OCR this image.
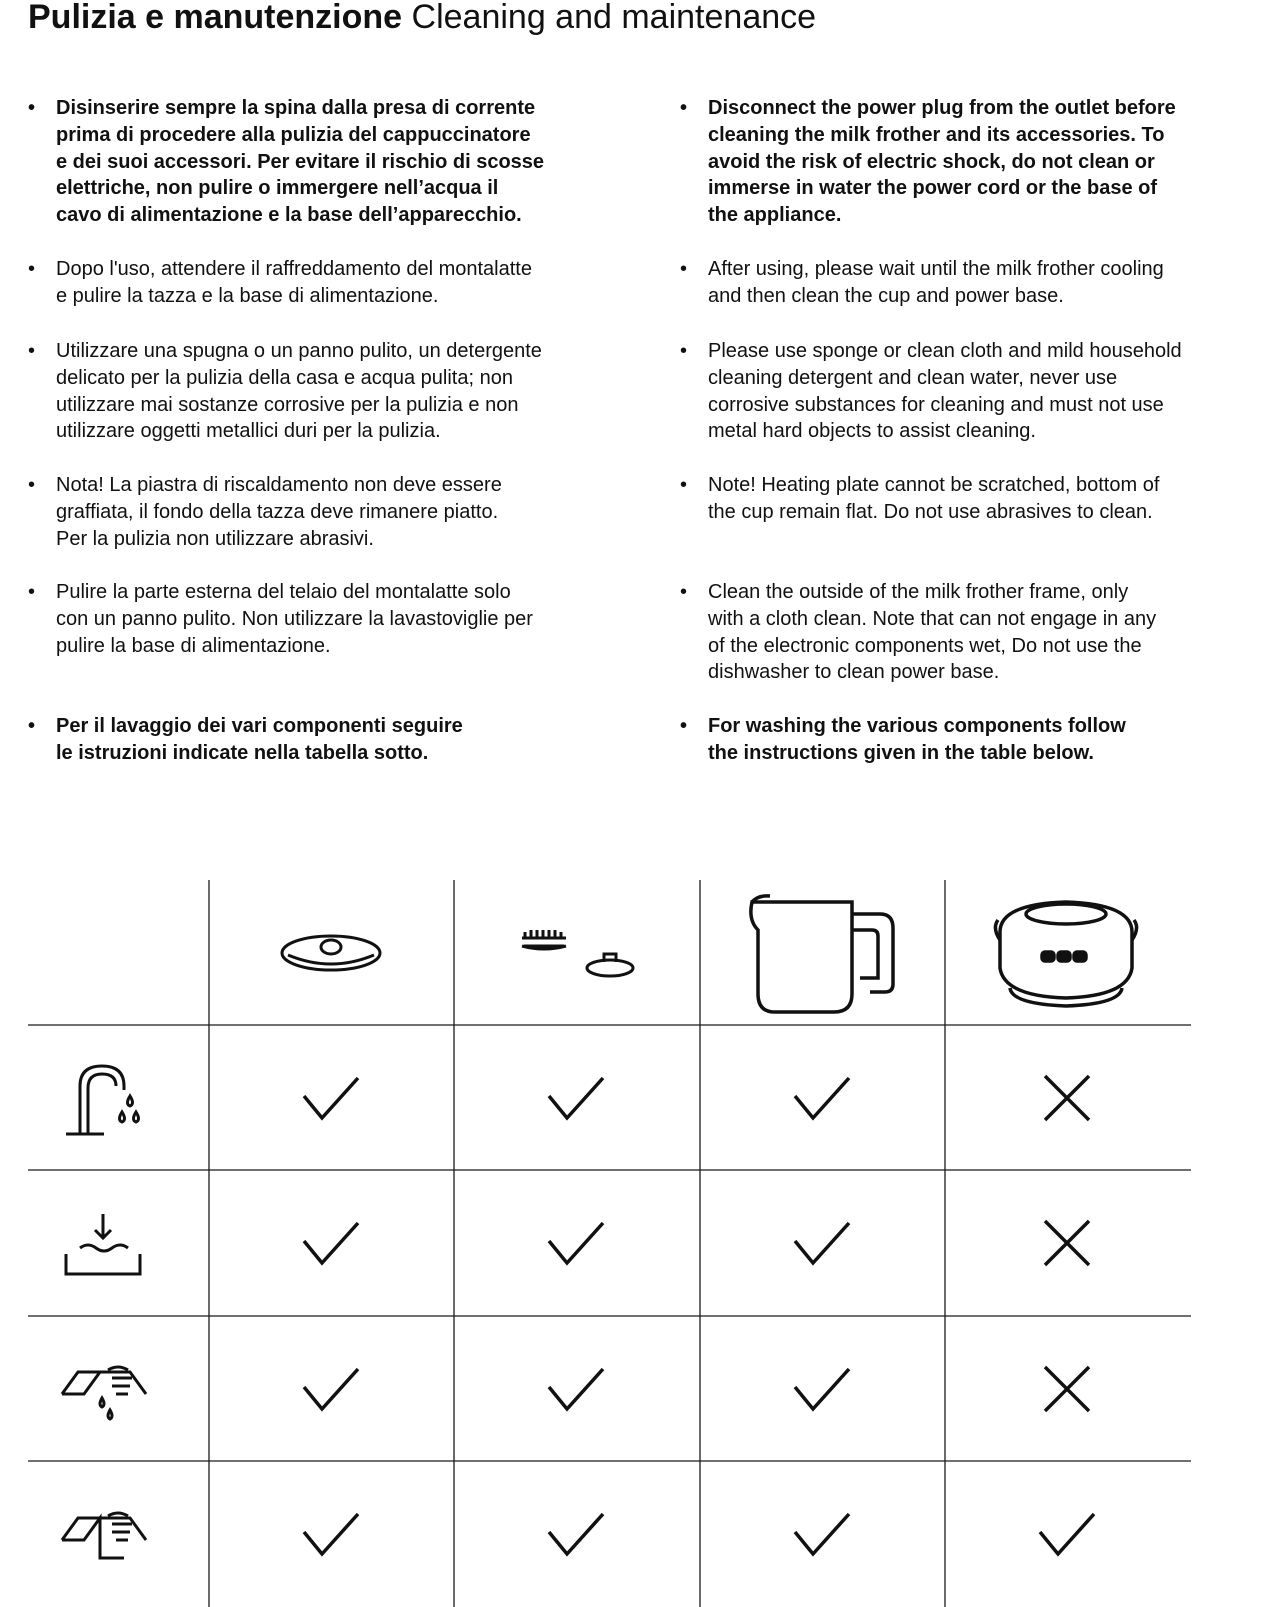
Pulizia e manutenzione Cleaning and maintenance
• Disinserire sempre la spina dalla presa di corrente
prima di procedere alla pulizia del cappuccinatore
e dei suoi accessori. Per evitare il rischio di scosse
elettriche, non pulire o immergere nell’acqua il
cavo di alimentazione e la base dell’apparecchio.
• Dopo l'uso, attendere il raffreddamento del montalatte
e pulire la tazza e la base di alimentazione.
• Utilizzare una spugna o un panno pulito, un detergente
delicato per la pulizia della casa e acqua pulita; non
utilizzare mai sostanze corrosive per la pulizia e non
utilizzare oggetti metallici duri per la pulizia.
• Nota! La piastra di riscaldamento non deve essere
graffiata, il fondo della tazza deve rimanere piatto.
Per la pulizia non utilizzare abrasivi.
• Pulire la parte esterna del telaio del montalatte solo
con un panno pulito. Non utilizzare la lavastoviglie per
pulire la base di alimentazione.
• Per il lavaggio dei vari componenti seguire
le istruzioni indicate nella tabella sotto.
• Disconnect the power plug from the outlet before
cleaning the milk frother and its accessories. To
avoid the risk of electric shock, do not clean or
immerse in water the power cord or the base of
the appliance.
• After using, please wait until the milk frother cooling
and then clean the cup and power base.
• Please use sponge or clean cloth and mild household
cleaning detergent and clean water, never use
corrosive substances for cleaning and must not use
metal hard objects to assist cleaning.
• Note! Heating plate cannot be scratched, bottom of
the cup remain flat. Do not use abrasives to clean.
• Clean the outside of the milk frother frame, only
with a cloth clean. Note that can not engage in any
of the electronic components wet, Do not use the
dishwasher to clean power base.
• For washing the various components follow
the instructions given in the table below.
